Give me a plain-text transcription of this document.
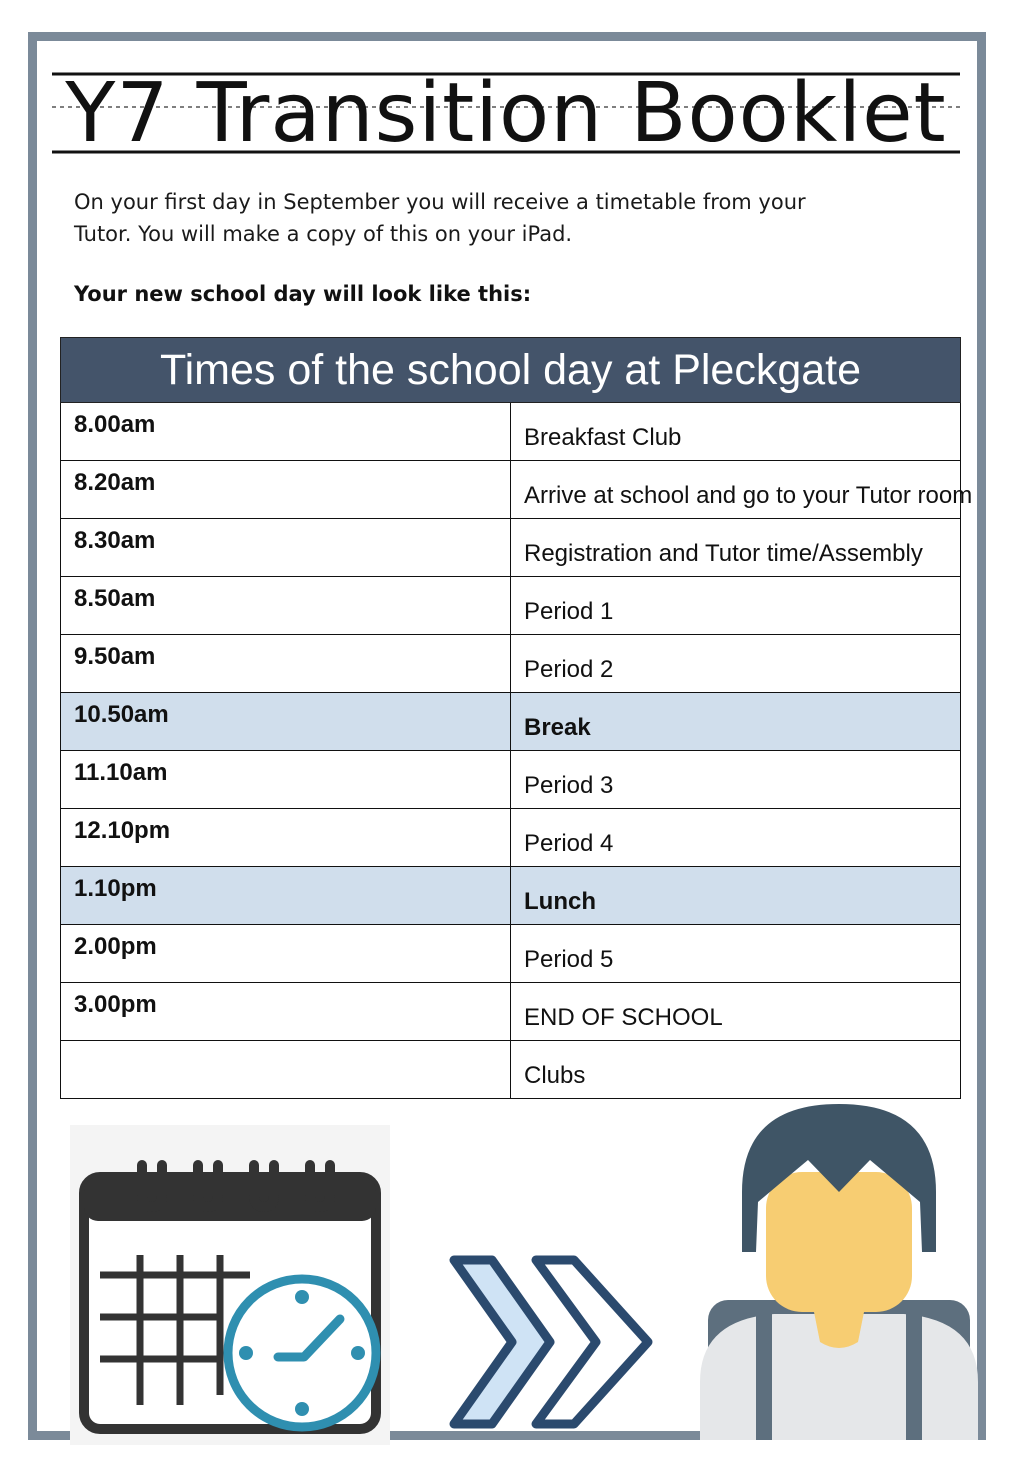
Y7 Transition Booklet

On your first day in September you will receive a timetable from your
Tutor. You will make a copy of this on your iPad.

Your new school day will look like this:

Times of the school day at Pleckgate	

8.00am	Breakfast Club

8.20am	Arrive at school and go to your Tutor room

8.30am	Registration and Tutor time/Assembly

8.50am	Period 1

9.50am	Period 2

10.50am	Break

11.10am	Period 3

12.10pm	Period 4

1.10pm	Lunch

2.00pm	Period 5

3.00pm	END OF SCHOOL

	Clubs
